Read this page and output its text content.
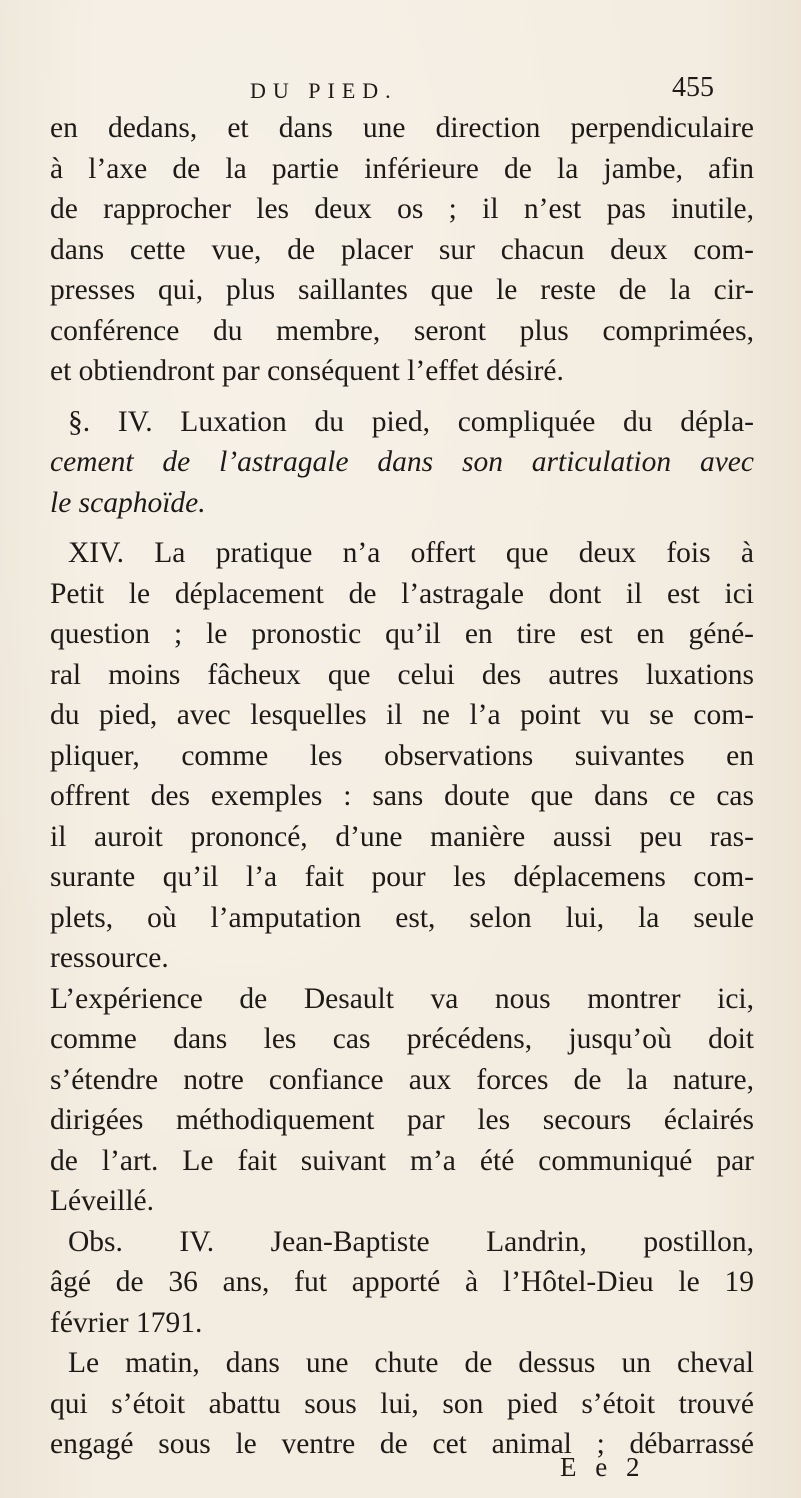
DU PIED.	455
en dedans, et dans une direction perpendiculaire
à l’axe de la partie inférieure de la jambe, afin
de rapprocher les deux os ; il n’est pas inutile,
dans cette vue, de placer sur chacun deux com-
presses qui, plus saillantes que le reste de la cir-
conférence du membre, seront plus comprimées,
et obtiendront par conséquent l’effet désiré.
§. IV. Luxation du pied, compliquée du dépla-
cement de l’astragale dans son articulation avec
le scaphoïde.
XIV. La pratique n’a offert que deux fois à
Petit le déplacement de l’astragale dont il est ici
question ; le pronostic qu’il en tire est en géné-
ral moins fâcheux que celui des autres luxations
du pied, avec lesquelles il ne l’a point vu se com-
pliquer, comme les observations suivantes en
offrent des exemples : sans doute que dans ce cas
il auroit prononcé, d’une manière aussi peu ras-
surante qu’il l’a fait pour les déplacemens com-
plets, où l’amputation est, selon lui, la seule
ressource.
L’expérience de Desault va nous montrer ici,
comme dans les cas précédens, jusqu’où doit
s’étendre notre confiance aux forces de la nature,
dirigées méthodiquement par les secours éclairés
de l’art. Le fait suivant m’a été communiqué par
Léveillé.
Obs. IV. Jean-Baptiste Landrin, postillon,
âgé de 36 ans, fut apporté à l’Hôtel-Dieu le 19
février 1791.
Le matin, dans une chute de dessus un cheval
qui s’étoit abattu sous lui, son pied s’étoit trouvé
engagé sous le ventre de cet animal ; débarrassé
E e 2
